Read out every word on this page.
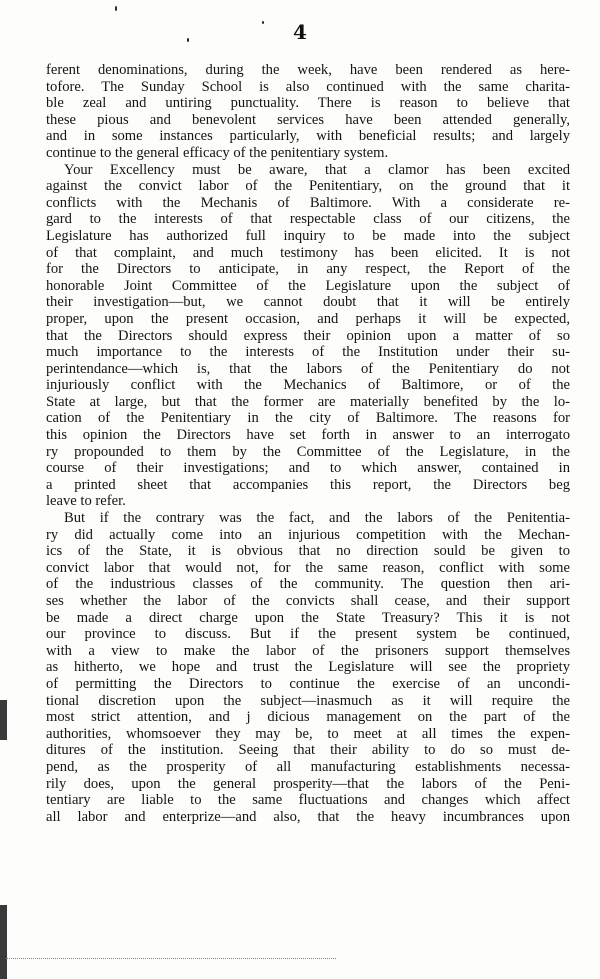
4
ferent denominations, during the week, have been rendered as here-
tofore. The Sunday School is also continued with the same charita-
ble zeal and untiring punctuality. There is reason to believe that
these pious and benevolent services have been attended generally,
and in some instances particularly, with beneficial results; and largely
continue to the general efficacy of the penitentiary system.
Your Excellency must be aware, that a clamor has been excited
against the convict labor of the Penitentiary, on the ground that it
conflicts with the Mechanis of Baltimore. With a considerate re-
gard to the interests of that respectable class of our citizens, the
Legislature has authorized full inquiry to be made into the subject
of that complaint, and much testimony has been elicited. It is not
for the Directors to anticipate, in any respect, the Report of the
honorable Joint Committee of the Legislature upon the subject of
their investigation—but, we cannot doubt that it will be entirely
proper, upon the present occasion, and perhaps it will be expected,
that the Directors should express their opinion upon a matter of so
much importance to the interests of the Institution under their su-
perintendance—which is, that the labors of the Penitentiary do not
injuriously conflict with the Mechanics of Baltimore, or of the
State at large, but that the former are materially benefited by the lo-
cation of the Penitentiary in the city of Baltimore. The reasons for
this opinion the Directors have set forth in answer to an interrogato
ry propounded to them by the Committee of the Legislature, in the
course of their investigations; and to which answer, contained in
a printed sheet that accompanies this report, the Directors beg
leave to refer.
But if the contrary was the fact, and the labors of the Penitentia-
ry did actually come into an injurious competition with the Mechan-
ics of the State, it is obvious that no direction sould be given to
convict labor that would not, for the same reason, conflict with some
of the industrious classes of the community. The question then ari-
ses whether the labor of the convicts shall cease, and their support
be made a direct charge upon the State Treasury? This it is not
our province to discuss. But if the present system be continued,
with a view to make the labor of the prisoners support themselves
as hitherto, we hope and trust the Legislature will see the propriety
of permitting the Directors to continue the exercise of an uncondi-
tional discretion upon the subject—inasmuch as it will require the
most strict attention, and j dicious management on the part of the
authorities, whomsoever they may be, to meet at all times the expen-
ditures of the institution. Seeing that their ability to do so must de-
pend, as the prosperity of all manufacturing establishments necessa-
rily does, upon the general prosperity—that the labors of the Peni-
tentiary are liable to the same fluctuations and changes which affect
all labor and enterprize—and also, that the heavy incumbrances upon
